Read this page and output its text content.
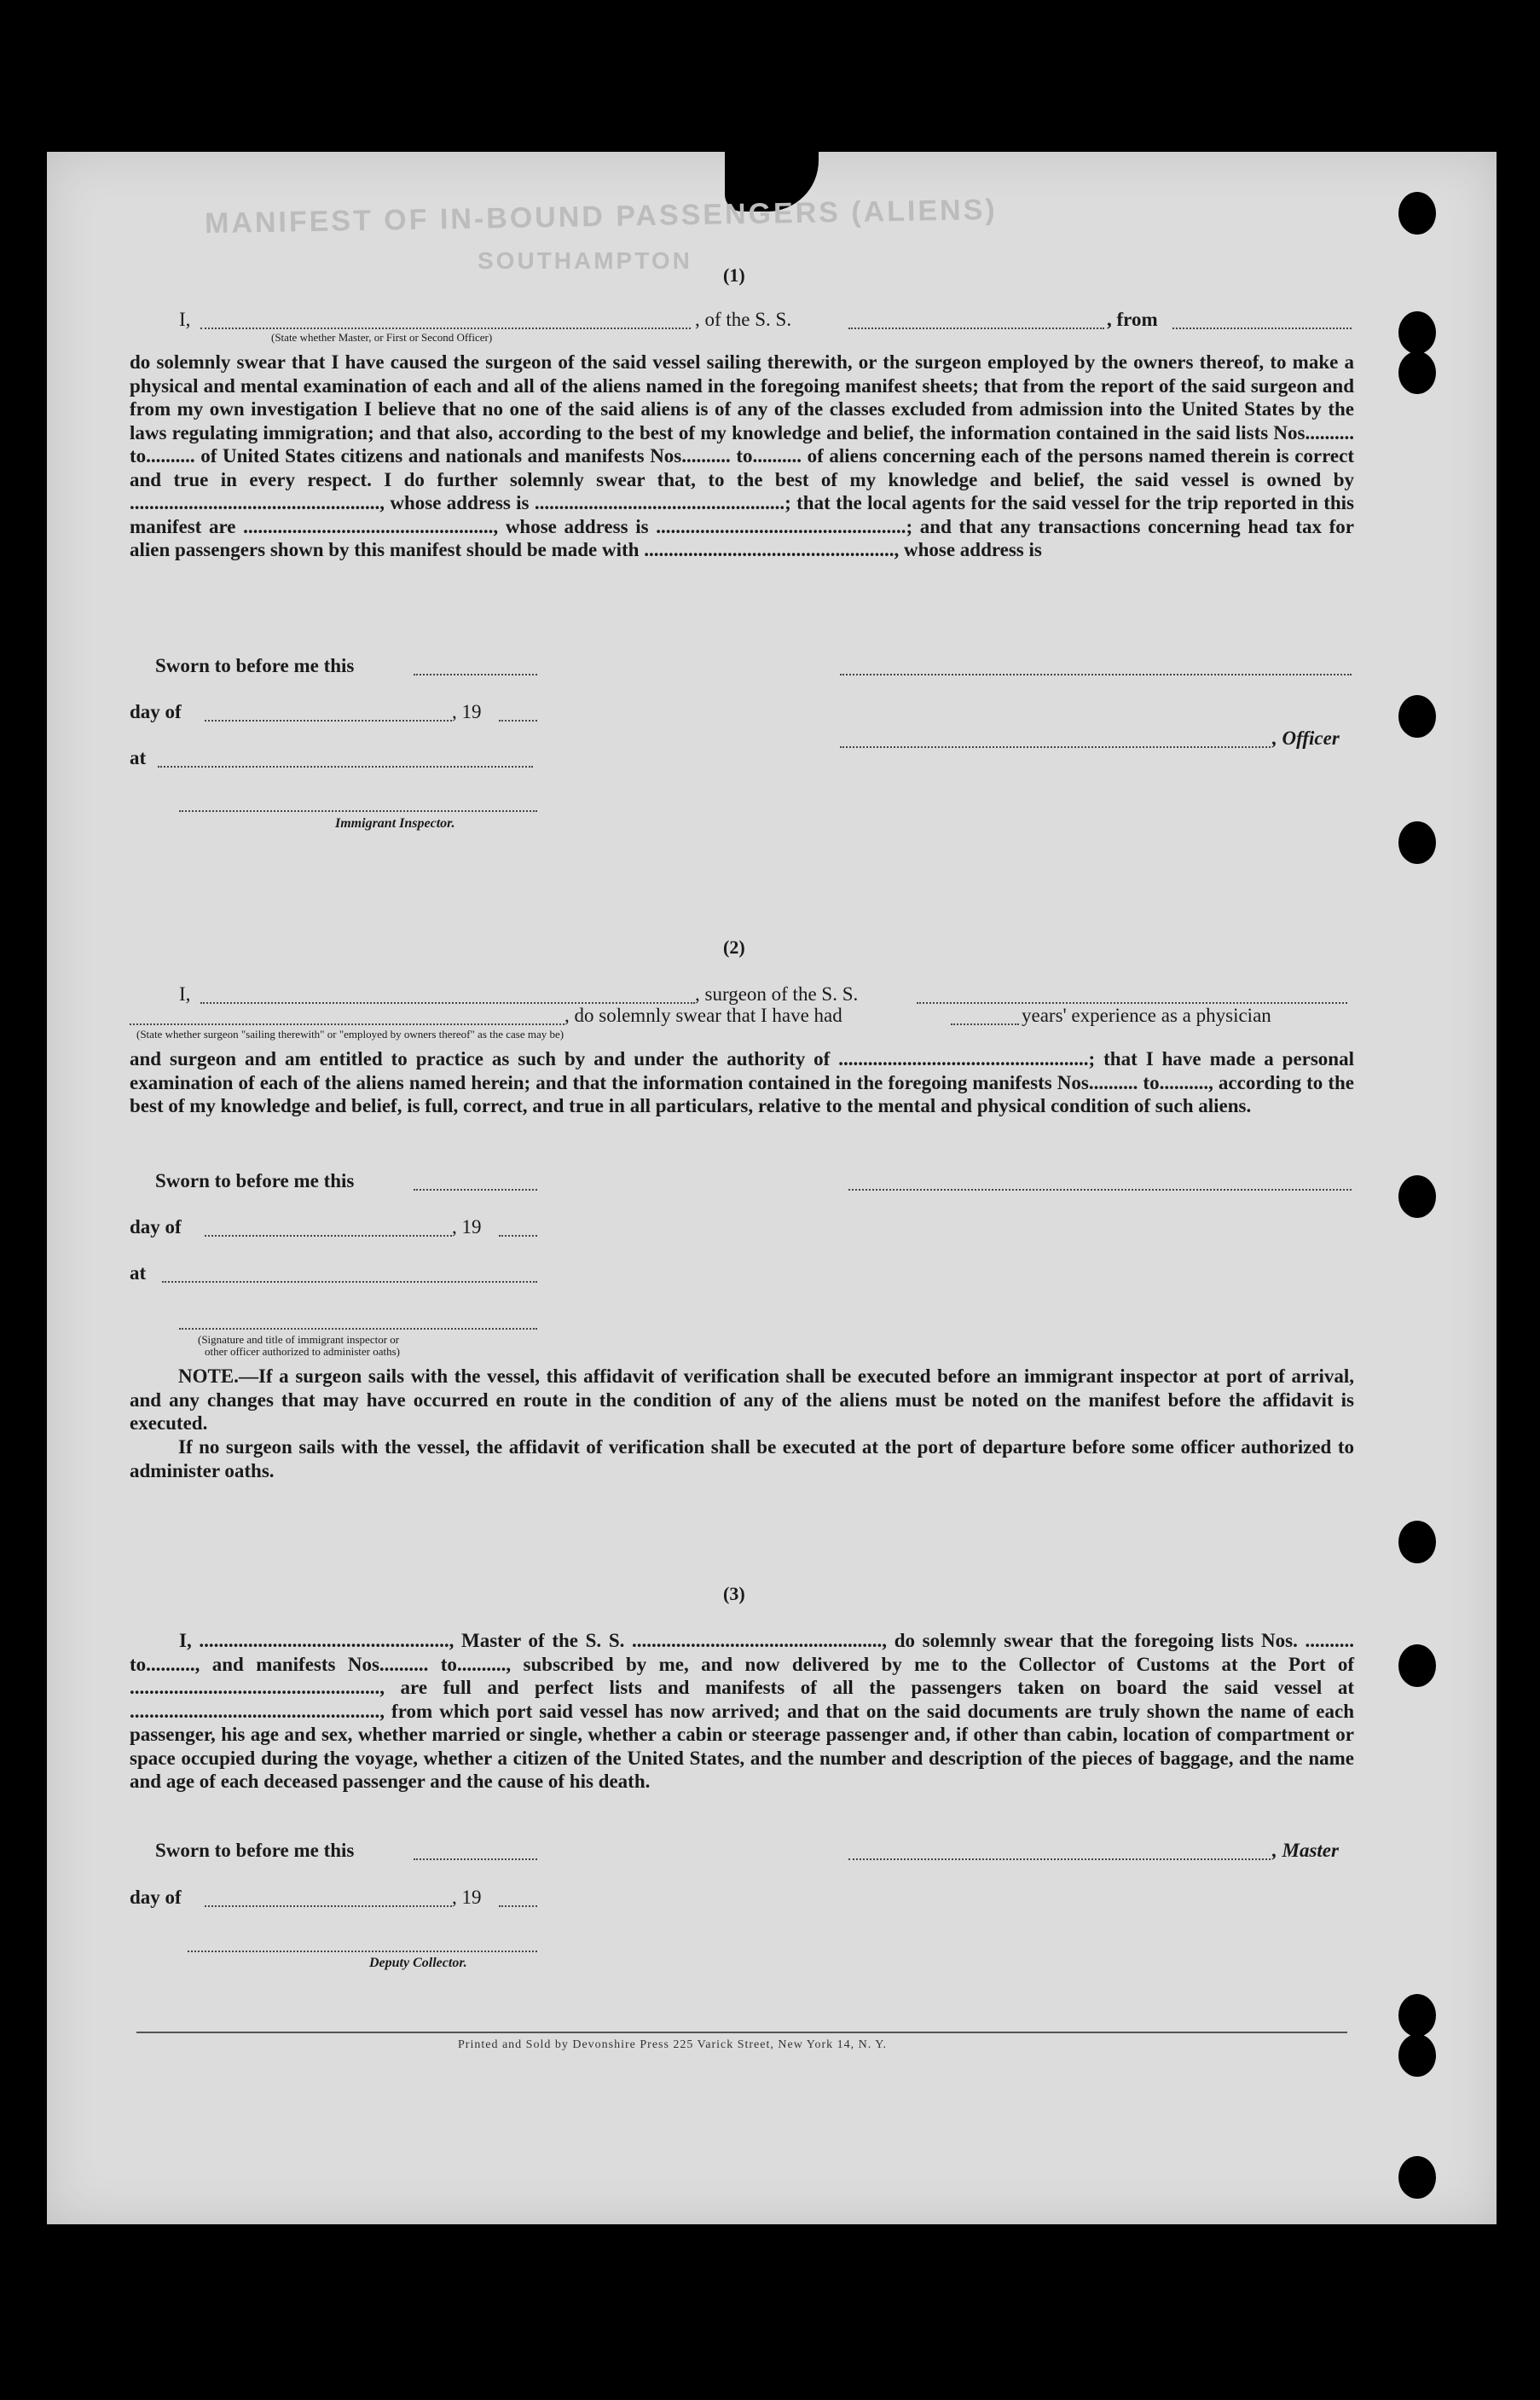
MANIFEST OF IN-BOUND PASSENGERS (ALIENS)
SOUTHAMPTON
(1)
I,	, of the S. S.	, from
(State whether Master, or First or Second Officer)
do solemnly swear that I have caused the surgeon of the said vessel sailing therewith, or the surgeon employed by the owners thereof, to make a physical and mental examination of each and all of the aliens named in the foregoing manifest sheets; that from the report of the said surgeon and from my own investigation I believe that no one of the said aliens is of any of the classes excluded from admission into the United States by the laws regulating immigration; and that also, according to the best of my knowledge and belief, the information contained in the said lists Nos.......... to.......... of United States citizens and nationals and manifests Nos.......... to.......... of aliens concerning each of the persons named therein is correct and true in every respect. I do further solemnly swear that, to the best of my knowledge and belief, the said vessel is owned by ..................................................., whose address is ...................................................; that the local agents for the said vessel for the trip reported in this manifest are ..................................................., whose address is ...................................................; and that any transactions concerning head tax for alien passengers shown by this manifest should be made with ..................................................., whose address is
Sworn to before me this
day of	, 19
at
, Officer
Immigrant Inspector.
(2)
I,	, surgeon of the S. S.
, do solemnly swear that I have had	years' experience as a physician
(State whether surgeon "sailing therewith" or "employed by owners thereof" as the case may be)
and surgeon and am entitled to practice as such by and under the authority of ...................................................; that I have made a personal examination of each of the aliens named herein; and that the information contained in the foregoing manifests Nos.......... to.........., according to the best of my knowledge and belief, is full, correct, and true in all particulars, relative to the mental and physical condition of such aliens.
Sworn to before me this
day of	, 19
at
(Signature and title of immigrant inspector or
other officer authorized to administer oaths)
NOTE.—If a surgeon sails with the vessel, this affidavit of verification shall be executed before an immigrant inspector at port of arrival, and any changes that may have occurred en route in the condition of any of the aliens must be noted on the manifest before the affidavit is executed.
If no surgeon sails with the vessel, the affidavit of verification shall be executed at the port of departure before some officer authorized to administer oaths.
(3)
I, ..................................................., Master of the S. S. ..................................................., do solemnly swear that the foregoing lists Nos. .......... to.........., and manifests Nos.......... to.........., subscribed by me, and now delivered by me to the Collector of Customs at the Port of ..................................................., are full and perfect lists and manifests of all the passengers taken on board the said vessel at ..................................................., from which port said vessel has now arrived; and that on the said documents are truly shown the name of each passenger, his age and sex, whether married or single, whether a cabin or steerage passenger and, if other than cabin, location of compartment or space occupied during the voyage, whether a citizen of the United States, and the number and description of the pieces of baggage, and the name and age of each deceased passenger and the cause of his death.
Sworn to before me this	, Master
day of	, 19
Deputy Collector.
Printed and Sold by Devonshire Press 225 Varick Street, New York 14, N. Y.
